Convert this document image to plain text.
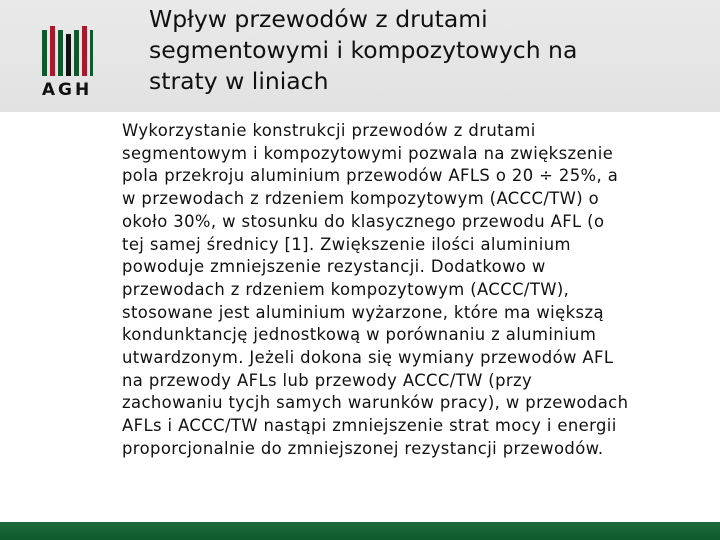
AGH
Wpływ przewodów z drutami
segmentowymi i kompozytowych na
straty w liniach
Wykorzystanie konstrukcji przewodów z drutami
segmentowym i kompozytowymi pozwala na zwiększenie
pola przekroju aluminium przewodów AFLS o 20 ÷ 25%, a
w przewodach z rdzeniem kompozytowym (ACCC/TW) o
około 30%, w stosunku do klasycznego przewodu AFL (o
tej samej średnicy [1]. Zwiększenie ilości aluminium
powoduje zmniejszenie rezystancji. Dodatkowo w
przewodach z rdzeniem kompozytowym (ACCC/TW),
stosowane jest aluminium wyżarzone, które ma większą
kondunktancję jednostkową w porównaniu z aluminium
utwardzonym. Jeżeli dokona się wymiany przewodów AFL
na przewody AFLs lub przewody ACCC/TW (przy
zachowaniu tycjh samych warunków pracy), w przewodach
AFLs i ACCC/TW nastąpi zmniejszenie strat mocy i energii
proporcjonalnie do zmniejszonej rezystancji przewodów.
